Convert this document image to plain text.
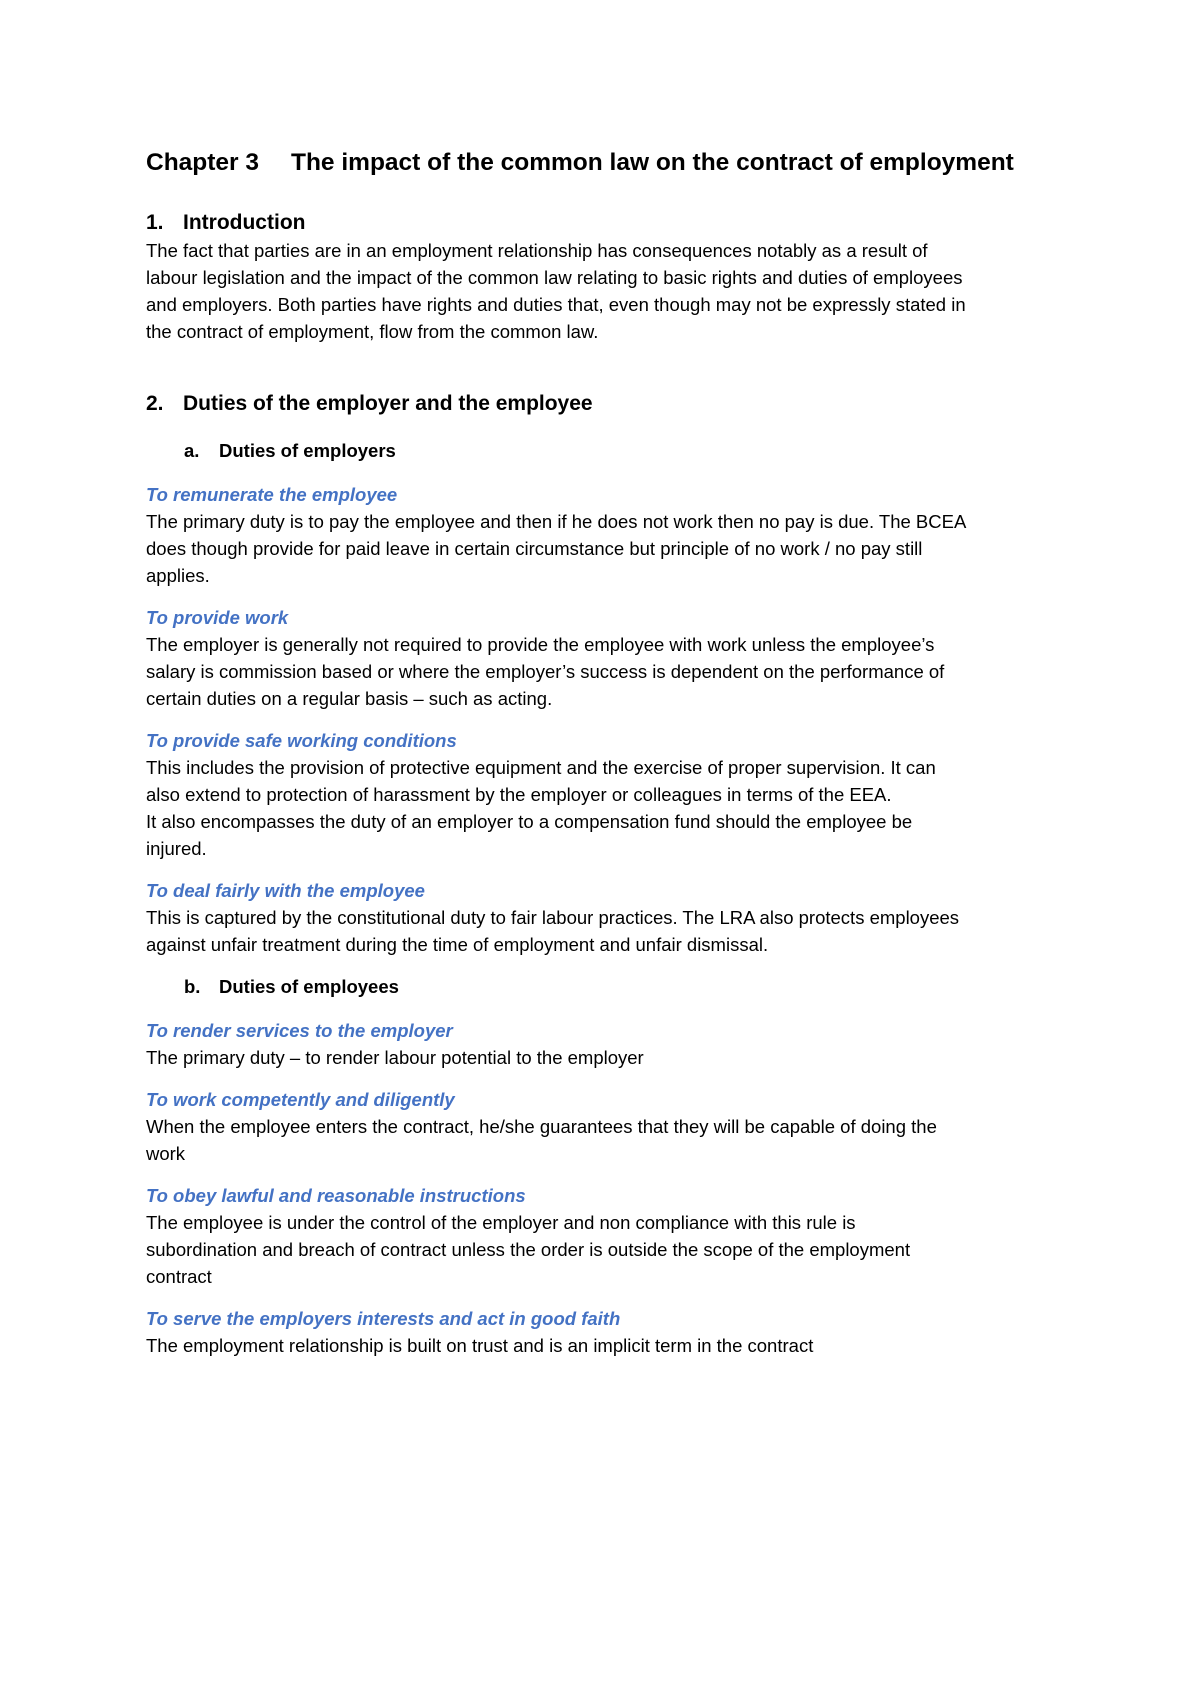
Chapter 3 The impact of the common law on the contract of employment
1. Introduction
The fact that parties are in an employment relationship has consequences notably as a result of
labour legislation and the impact of the common law relating to basic rights and duties of employees
and employers. Both parties have rights and duties that, even though may not be expressly stated in
the contract of employment, flow from the common law.
2. Duties of the employer and the employee
a. Duties of employers
To remunerate the employee
The primary duty is to pay the employee and then if he does not work then no pay is due. The BCEA
does though provide for paid leave in certain circumstance but principle of no work / no pay still
applies.
To provide work
The employer is generally not required to provide the employee with work unless the employee’s
salary is commission based or where the employer’s success is dependent on the performance of
certain duties on a regular basis – such as acting.
To provide safe working conditions
This includes the provision of protective equipment and the exercise of proper supervision. It can
also extend to protection of harassment by the employer or colleagues in terms of the EEA.
It also encompasses the duty of an employer to a compensation fund should the employee be
injured.
To deal fairly with the employee
This is captured by the constitutional duty to fair labour practices. The LRA also protects employees
against unfair treatment during the time of employment and unfair dismissal.
b. Duties of employees
To render services to the employer
The primary duty – to render labour potential to the employer
To work competently and diligently
When the employee enters the contract, he/she guarantees that they will be capable of doing the
work
To obey lawful and reasonable instructions
The employee is under the control of the employer and non compliance with this rule is
subordination and breach of contract unless the order is outside the scope of the employment
contract
To serve the employers interests and act in good faith
The employment relationship is built on trust and is an implicit term in the contract
